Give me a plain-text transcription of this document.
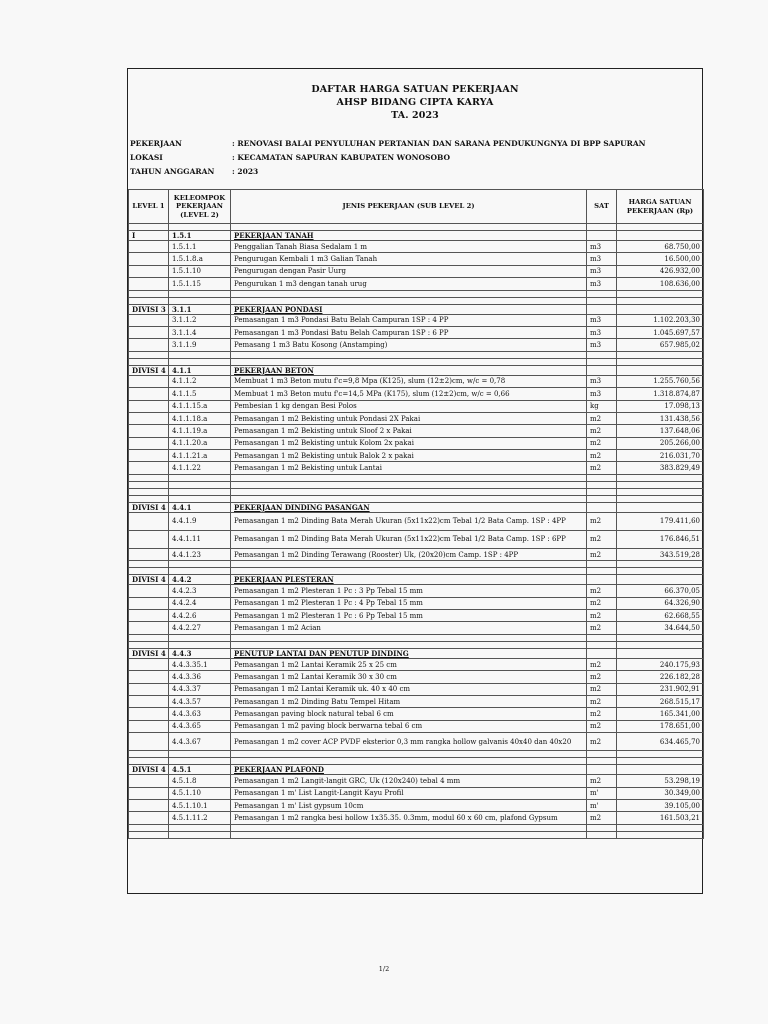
DAFTAR HARGA SATUAN PEKERJAAN
AHSP BIDANG CIPTA KARYA
TA. 2023
PEKERJAAN	: RENOVASI BALAI PENYULUHAN PERTANIAN DAN SARANA PENDUKUNGNYA DI BPP SAPURAN
LOKASI	: KECAMATAN SAPURAN KABUPATEN WONOSOBO
TAHUN ANGGARAN : 2023
LEVEL 1	KELEOMPOK PEKERJAAN (LEVEL 2)	JENIS PEKERJAAN (SUB LEVEL 2)	SAT	HARGA SATUAN PEKERJAAN (Rp)

I	1.5.1	PEKERJAAN TANAH		
	1.5.1.1	Penggalian Tanah Biasa Sedalam 1 m	m3	68.750,00
	1.5.1.8.a	Pengurugan Kembali 1 m3 Galian Tanah	m3	16.500,00
	1.5.1.10	Pengurugan dengan Pasir Uurg	m3	426.932,00
	1.5.1.15	Pengurukan 1 m3 dengan tanah urug	m3	108.636,00

DIVISI 3	3.1.1	PEKERJAAN PONDASI		
	3.1.1.2	Pemasangan 1 m3 Pondasi Batu Belah Campuran 1SP : 4 PP	m3	1.102.203,30
	3.1.1.4	Pemasangan 1 m3 Pondasi Batu Belah Campuran 1SP : 6 PP	m3	1.045.697,57
	3.1.1.9	Pemasang 1 m3 Batu Kosong (Anstamping)	m3	657.985,02

DIVISI 4	4.1.1	PEKERJAAN BETON		
	4.1.1.2	Membuat 1 m3 Beton mutu f'c=9,8 Mpa (K125), slum (12±2)cm, w/c = 0,78	m3	1.255.760,56
	4.1.1.5	Membuat 1 m3 Beton mutu f'c=14,5 MPa (K175), slum (12±2)cm, w/c = 0,66	m3	1.318.874,87
	4.1.1.15.a	Pembesian 1 kg dengan Besi Polos	kg	17.098,13
	4.1.1.18.a	Pemasangan 1 m2 Bekisting untuk Pondasi 2X Pakai	m2	131.438,56
	4.1.1.19.a	Pemasangan 1 m2 Bekisting untuk Sloof 2 x Pakai	m2	137.648,06
	4.1.1.20.a	Pemasangan 1 m2 Bekisting untuk Kolom 2x pakai	m2	205.266,00
	4.1.1.21.a	Pemasangan 1 m2 Bekisting untuk Balok 2 x pakai	m2	216.031,70
	4.1.1.22	Pemasangan 1 m2 Bekisting untuk Lantai	m2	383.829,49

DIVISI 4	4.4.1	PEKERJAAN DINDING PASANGAN		
	4.4.1.9	Pemasangan 1 m2 Dinding Bata Merah Ukuran (5x11x22)cm Tebal 1/2 Bata Camp. 1SP : 4PP	m2	179.411,60
	4.4.1.11	Pemasangan 1 m2 Dinding Bata Merah Ukuran (5x11x22)cm Tebal 1/2 Bata Camp. 1SP : 6PP	m2	176.846,51
	4.4.1.23	Pemasangan 1 m2 Dinding Terawang (Rooster) Uk, (20x20)cm Camp. 1SP : 4PP	m2	343.519,28

DIVISI 4	4.4.2	PEKERJAAN PLESTERAN		
	4.4.2.3	Pemasangan 1 m2 Plesteran 1 Pc : 3 Pp Tebal 15 mm	m2	66.370,05
	4.4.2.4	Pemasangan 1 m2 Plesteran 1 Pc : 4 Pp Tebal 15 mm	m2	64.326,90
	4.4.2.6	Pemasangan 1 m2 Plesteran 1 Pc : 6 Pp Tebal 15 mm	m2	62.668,55
	4.4.2.27	Pemasangan 1 m2 Acian	m2	34.644,50

DIVISI 4	4.4.3	PENUTUP LANTAI DAN PENUTUP DINDING		
	4.4.3.35.1	Pemasangan 1 m2 Lantai Keramik 25 x 25 cm	m2	240.175,93
	4.4.3.36	Pemasangan 1 m2 Lantai Keramik 30 x 30 cm	m2	226.182,28
	4.4.3.37	Pemasangan 1 m2 Lantai Keramik uk. 40 x 40 cm	m2	231.902,91
	4.4.3.57	Pemasangan 1 m2 Dinding Batu Tempel Hitam	m2	268.515,17
	4.4.3.63	Pemasangan paving block natural tebal 6 cm	m2	165.341,00
	4.4.3.65	Pemasangan 1 m2 paving block berwarna tebal 6 cm	m2	178.651,00
	4.4.3.67	Pemasangan 1 m2 cover ACP PVDF eksterior 0,3 mm rangka hollow galvanis 40x40 dan 40x20	m2	634.465,70

DIVISI 4	4.5.1	PEKERJAAN PLAFOND		
	4.5.1.8	Pemasangan 1 m2 Langit-langit GRC, Uk (120x240) tebal 4 mm	m2	53.298,19
	4.5.1.10	Pemasangan 1 m' List Langit-Langit Kayu Profil	m'	30.349,00
	4.5.1.10.1	Pemasangan 1 m' List gypsum 10cm	m'	39.105,00
	4.5.1.11.2	Pemasangan 1 m2 rangka besi hollow 1x35.35. 0.3mm, modul 60 x 60 cm, plafond Gypsum	m2	161.503,21

1/2
